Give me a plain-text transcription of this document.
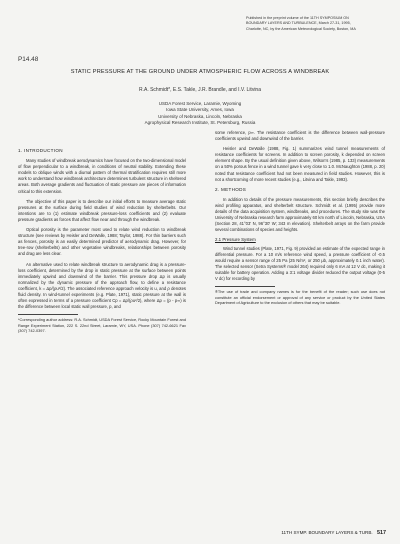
Published in the preprint volume of the 11TH SYMPOSIUM ON
BOUNDARY LAYERS AND TURBULENCE, March 27-31, 1995,
Charlotte, NC, by the American Meteorological Society, Boston, MA
P14.48
STATIC PRESSURE AT THE GROUND UNDER ATMOSPHERIC FLOW ACROSS A WINDBREAK
R.A. Schmidt*, E.S. Takle, J.R. Brandle, and I.V. Litvina
USDA Forest Service, Laramie, Wyoming
Iowa State University, Ames, Iowa
University of Nebraska, Lincoln, Nebraska
Agrophysical Research Institute, St. Petersburg, Russia
1. INTRODUCTION

Many studies of windbreak aerodynamics have focused on the two-dimensional model of flow perpendicular to a windbreak, in conditions of neutral stability. Extending these models to oblique winds with a diurnal pattern of thermal stratification requires still more work to understand how windbreak architecture determines turbulent structure in sheltered areas. Both average gradients and fluctuation of static pressure are pieces of information critical to this extension.

The objective of this paper is to describe our initial efforts to measure average static pressures at the surface during field studies of wind reduction by shelterbelts. Our intentions are to (1) estimate windbreak pressure-loss coefficients and (2) evaluate pressure gradients as forces that affect flow near and through the windbreak.

Optical porosity is the parameter most used to relate wind reduction to windbreak structure (see reviews by Heisler and DeWalle, 1988; Taylor, 1988). For thin barriers such as fences, porosity is an easily determined predictor of aerodynamic drag. However, for tree-row (shelterbelts) and other vegetative windbreaks, relationships between porosity and drag are less clear.

An alternative used to relate windbreak structure to aerodynamic drag is a pressure-loss coefficient, determined by the drop in static pressure at the surface between points immediately upwind and downwind of the barrier. This pressure drop Δp is usually normalized by the dynamic pressure of the approach flow, to define a resistance coefficient, k = Δp/(ρu²/2). The associated reference approach velocity is u, and ρ denotes fluid density. In wind-tunnel experiments (e.g. Plate, 1971), static pressure at the wall is often expressed in terms of a pressure coefficient Cp = Δp/(ρu²/2), where Δp = (p - p∞) is the difference between local static wall pressure, p, and

*Corresponding author address: R.A. Schmidt, USDA Forest Service, Rocky Mountain Forest and Range Experiment Station, 222 S. 22nd Street, Laramie, WY, USA. Phone (307) 742-6621 Fax (307) 742-0397.

some reference, p∞. The resistance coefficient is the difference between wall-pressure coefficients upwind and downwind of the barrier.

Heisler and DeWalle (1988, Fig. 1) summarizes wind tunnel measurements of resistance coefficients for screens. In addition to screen porosity, k depended on screen element shape. By the usual definition given above, Wilson's (1985, p. 133) measurements on a 50% porous fence in a wind tunnel gave k very close to 1.0. McNaughton (1988, p. 20) noted that resistance coefficient had not been measured in field studies. However, this is not a shortcoming of more recent studies (e.g., Litvina and Takle, 1993).

2. METHODS

In addition to details of the pressure measurements, this section briefly describes the wind profiling apparatus, and shelterbelt structure. Schmidt et al. (1995) provide more details of the data acquisition system, windbreaks, and procedures. The study site was the University of Nebraska research farm approximately 60 km north of Lincoln, Nebraska, USA (Section 28, 41°03' N, 96°30' W; 343 m elevation). Shelterbelt arrays on the farm provide several combinations of species and heights.

2.1 Pressure System

Wind tunnel studies (Plate, 1971, Fig. 9) provided an estimate of the expected range in differential pressure. For a 10 m/s reference wind speed, a pressure coefficient of -0.5 would require a sensor range of 25 Pa (25 N/m², or 250 μb, approximately 0.1 inch water). The selected sensor (Setra Systems® model 264) required only 6 mA at 12 V dc, making it suitable for battery operation. Adding a 3:1 voltage divider reduced the output voltage (0-5 V dc) for recording by

®The use of trade and company names is for the benefit of the reader; such use does not constitute an official endorsement or approval of any service or product by the United States Department of Agriculture to the exclusion of others that may be suitable.

11TH SYMP. BOUNDARY LAYERS & TURB. 517
